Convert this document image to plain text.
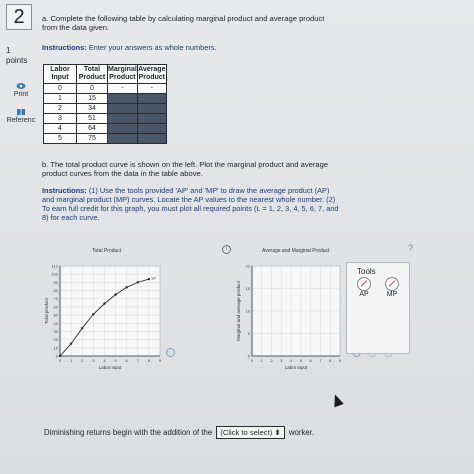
2
1
points
Print
Referenc
a. Complete the following table by calculating marginal product and average product from the data given.
Instructions: Enter your answers as whole numbers.
Labor Input	Total Product	Marginal Product	Average Product
0	0	-	-
1	15		
2	34		
3	51		
4	64		
5	75		
b. The total product curve is shown on the left. Plot the marginal product and average product curves from the data in the table above.
Instructions: (1) Use the tools provided 'AP' and 'MP' to draw the average product (AP) and marginal product (MP) curves. Locate the AP values to the nearest whole number. (2) To earn full credit for this graph, you must plot all required points (L = 1, 2, 3, 4, 5, 6, 7, and 8) for each curve.
Total Product	i
0
10
20
30
40
50
60
70
80
90
100
110
0 1 2 3 4 5 6 7 8 9
Labor input
Total product
TP
Average and Marginal Product	?
0
5
10
15
20
0 1 2 3 4 5 6 7 8 9
Labor input
Marginal and average product
Tools
AP	MP
Diminishing returns begin with the addition of the (Click to select) ⬍ worker.
